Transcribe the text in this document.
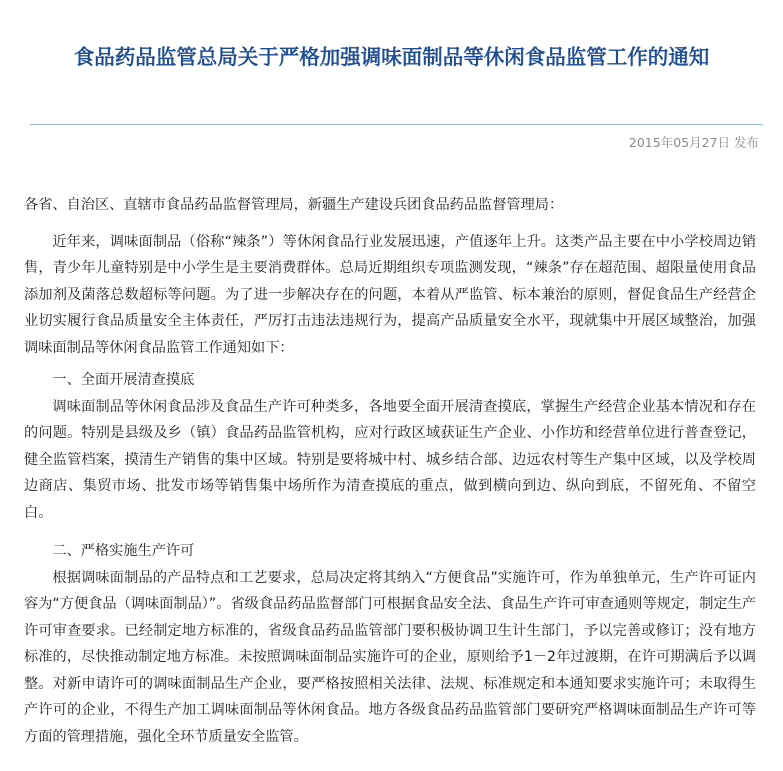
食品药品监管总局关于严格加强调味面制品等休闲食品监管工作的通知
2015年05月27日 发布

各省、自治区、直辖市食品药品监督管理局，新疆生产建设兵团食品药品监督管理局：

近年来，调味面制品（俗称“辣条”）等休闲食品行业发展迅速，产值逐年上升。这类产品主要在中小学校周边销售，青少年儿童特别是中小学生是主要消费群体。总局近期组织专项监测发现，“辣条”存在超范围、超限量使用食品添加剂及菌落总数超标等问题。为了进一步解决存在的问题，本着从严监管、标本兼治的原则，督促食品生产经营企业切实履行食品质量安全主体责任，严厉打击违法违规行为，提高产品质量安全水平，现就集中开展区域整治，加强调味面制品等休闲食品监管工作通知如下：

一、全面开展清查摸底

调味面制品等休闲食品涉及食品生产许可种类多，各地要全面开展清查摸底，掌握生产经营企业基本情况和存在的问题。特别是县级及乡（镇）食品药品监管机构，应对行政区域获证生产企业、小作坊和经营单位进行普查登记，健全监管档案，摸清生产销售的集中区域。特别是要将城中村、城乡结合部、边远农村等生产集中区域，以及学校周边商店、集贸市场、批发市场等销售集中场所作为清查摸底的重点，做到横向到边、纵向到底，不留死角、不留空白。

二、严格实施生产许可

根据调味面制品的产品特点和工艺要求，总局决定将其纳入“方便食品”实施许可，作为单独单元，生产许可证内容为“方便食品（调味面制品）”。省级食品药品监督部门可根据食品安全法、食品生产许可审查通则等规定，制定生产许可审查要求。已经制定地方标准的，省级食品药品监管部门要积极协调卫生计生部门，予以完善或修订；没有地方标准的，尽快推动制定地方标准。未按照调味面制品实施许可的企业，原则给予1－2年过渡期，在许可期满后予以调整。对新申请许可的调味面制品生产企业，要严格按照相关法律、法规、标准规定和本通知要求实施许可；未取得生产许可的企业，不得生产加工调味面制品等休闲食品。地方各级食品药品监管部门要研究严格调味面制品生产许可等方面的管理措施，强化全环节质量安全监管。
